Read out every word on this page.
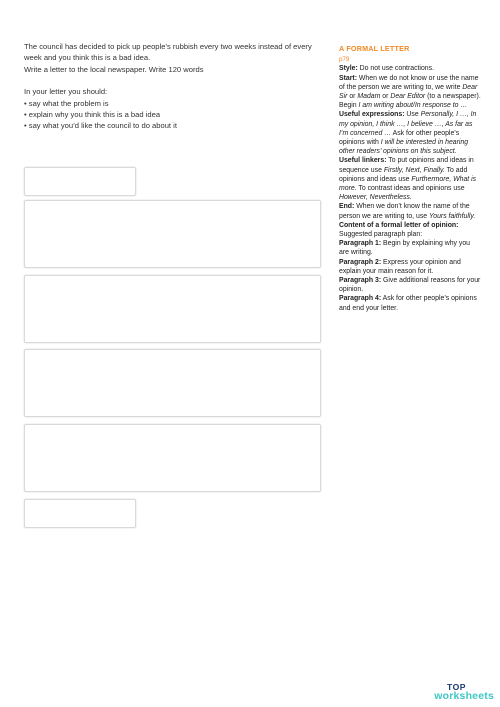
The council has decided to pick up people’s rubbish every two weeks instead of every week and you think this is a bad idea.

Write a letter to the local newspaper. Write 120 words

In your letter you should:

• say what the problem is
• explain why you think this is a bad idea
• say what you’d like the council to do about it
A FORMAL LETTER
p79

Style: Do not use contractions.

Start: When we do not know or use the name of the person we are writing to, we write Dear Sir or Madam or Dear Editor (to a newspaper). Begin I am writing about/In response to …

Useful expressions: Use Personally, I …, In my opinion, I think …, I believe …, As far as I’m concerned … Ask for other people’s opinions with I will be interested in hearing other readers’ opinions on this subject.

Useful linkers: To put opinions and ideas in sequence use Firstly, Next, Finally. To add opinions and ideas use Furthermore, What is more. To contrast ideas and opinions use However, Nevertheless.

End: When we don’t know the name of the person we are writing to, use Yours faithfully.

Content of a formal letter of opinion:

Suggested paragraph plan:

Paragraph 1: Begin by explaining why you are writing.

Paragraph 2: Express your opinion and explain your main reason for it.

Paragraph 3: Give additional reasons for your opinion.

Paragraph 4: Ask for other people’s opinions and end your letter.

TOP
worksheets
